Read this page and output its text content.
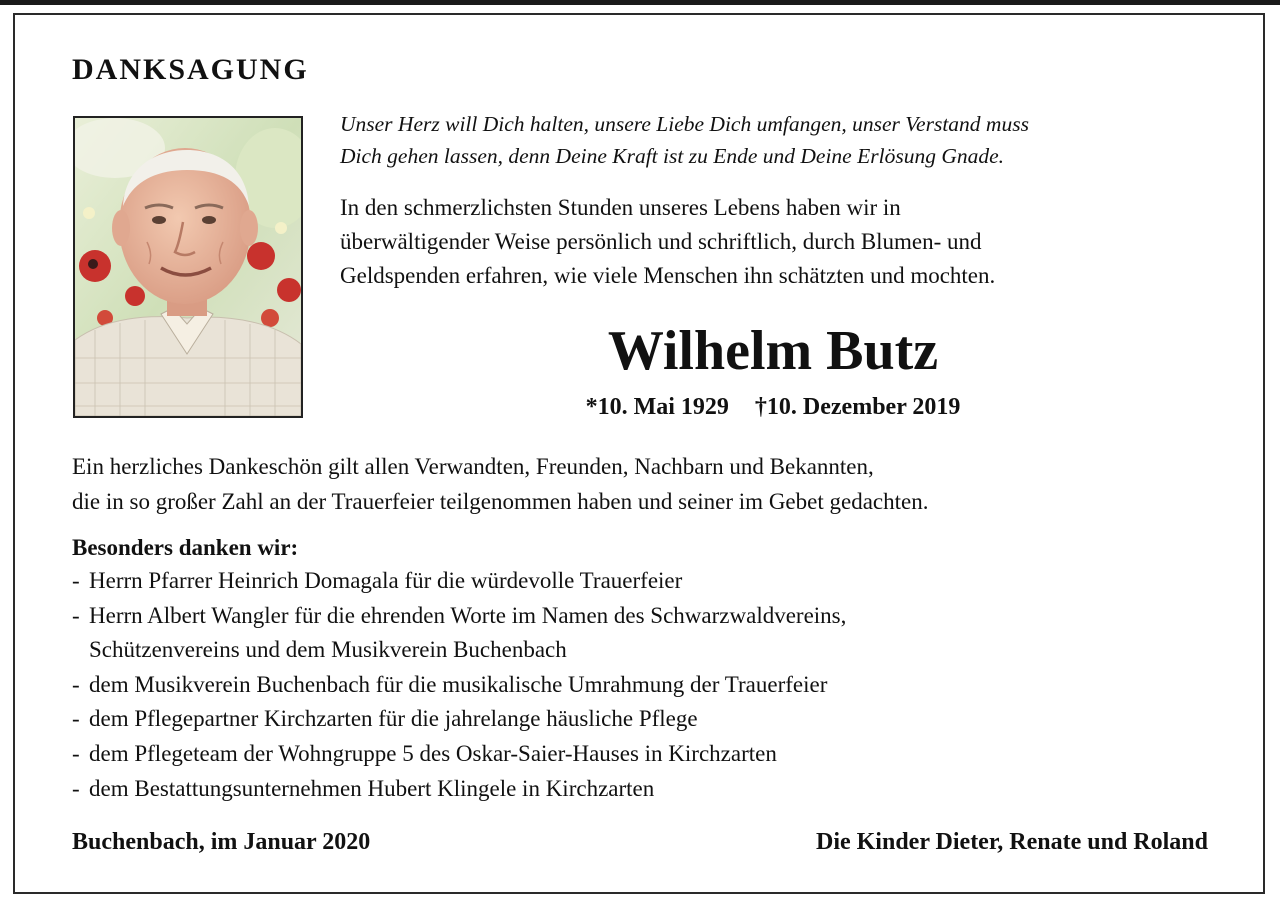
DANKSAGUNG
Unser Herz will Dich halten, unsere Liebe Dich umfangen, unser Verstand muss
Dich gehen lassen, denn Deine Kraft ist zu Ende und Deine Erlösung Gnade.
In den schmerzlichsten Stunden unseres Lebens haben wir in
überwältigender Weise persönlich und schriftlich, durch Blumen- und
Geldspenden erfahren, wie viele Menschen ihn schätzten und mochten.
Wilhelm Butz
*10. Mai 1929 †10. Dezember 2019
Ein herzliches Dankeschön gilt allen Verwandten, Freunden, Nachbarn und Bekannten,
die in so großer Zahl an der Trauerfeier teilgenommen haben und seiner im Gebet gedachten.
Besonders danken wir:
- Herrn Pfarrer Heinrich Domagala für die würdevolle Trauerfeier
- Herrn Albert Wangler für die ehrenden Worte im Namen des Schwarzwaldvereins,
Schützenvereins und dem Musikverein Buchenbach
- dem Musikverein Buchenbach für die musikalische Umrahmung der Trauerfeier
- dem Pflegepartner Kirchzarten für die jahrelange häusliche Pflege
- dem Pflegeteam der Wohngruppe 5 des Oskar-Saier-Hauses in Kirchzarten
- dem Bestattungsunternehmen Hubert Klingele in Kirchzarten
Buchenbach, im Januar 2020	Die Kinder Dieter, Renate und Roland
